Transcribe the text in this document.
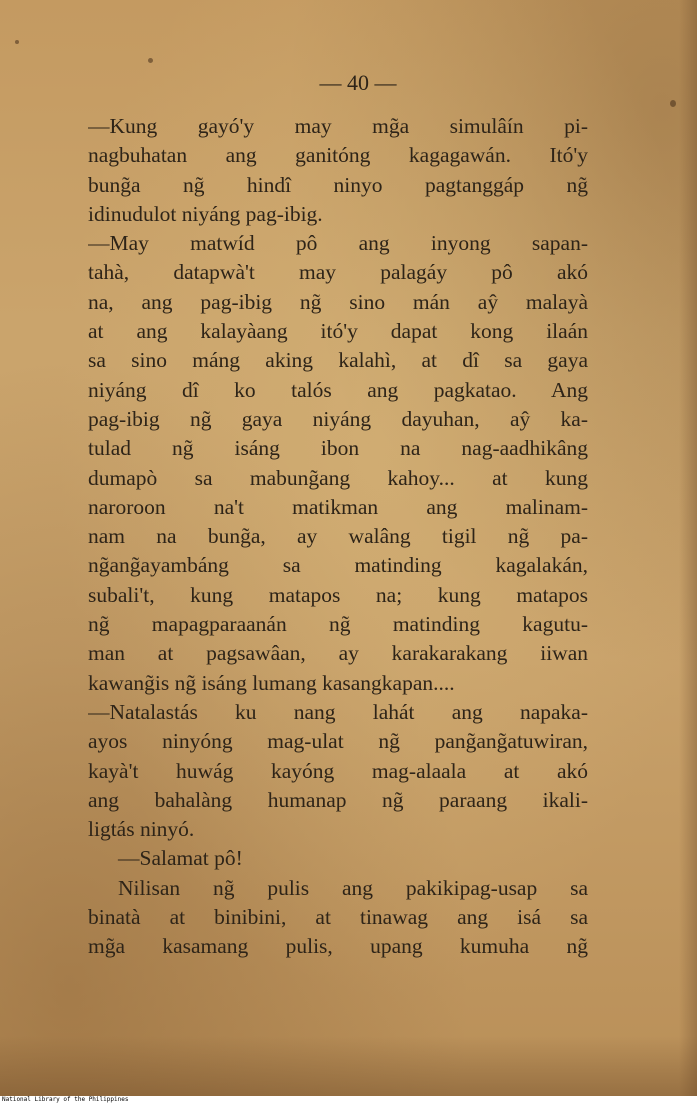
— 40 —
—Kung gayó'y may mg̃a simulâín pi-
nagbuhatan ang ganitóng kagagawán. Itó'y
bung̃a ng̃ hindî ninyo pagtanggáp ng̃
idinudulot niyáng pag-ibig.
—May matwíd pô ang inyong sapan-
tahà, datapwà't may palagáy pô akó
na, ang pag-ibig ng̃ sino mán aŷ malayà
at ang kalayàang itó'y dapat kong ilaán
sa sino máng aking kalahì, at dî sa gaya
niyáng dî ko talós ang pagkatao. Ang
pag-ibig ng̃ gaya niyáng dayuhan, aŷ ka-
tulad ng̃ isáng ibon na nag-aadhikâng
dumapò sa mabung̃ang kahoy... at kung
naroroon na't matikman ang malinam-
nam na bung̃a, ay walâng tigil ng̃ pa-
ng̃ang̃ayambáng sa matinding kagalakán,
subali't, kung matapos na; kung matapos
ng̃ mapagparaanán ng̃ matinding kagutu-
man at pagsawâan, ay karakarakang iiwan
kawang̃is ng̃ isáng lumang kasangkapan....
—Natalastás ku nang lahát ang napaka-
ayos ninyóng mag-ulat ng̃ pang̃ang̃atuwiran,
kayà't huwág kayóng mag-alaala at akó
ang bahalàng humanap ng̃ paraang ikali-
ligtás ninyó.
—Salamat pô!
Nilisan ng̃ pulis ang pakikipag-usap sa
binatà at binibini, at tinawag ang isá sa
mg̃a kasamang pulis, upang kumuha ng̃
National Library of the Philippines
